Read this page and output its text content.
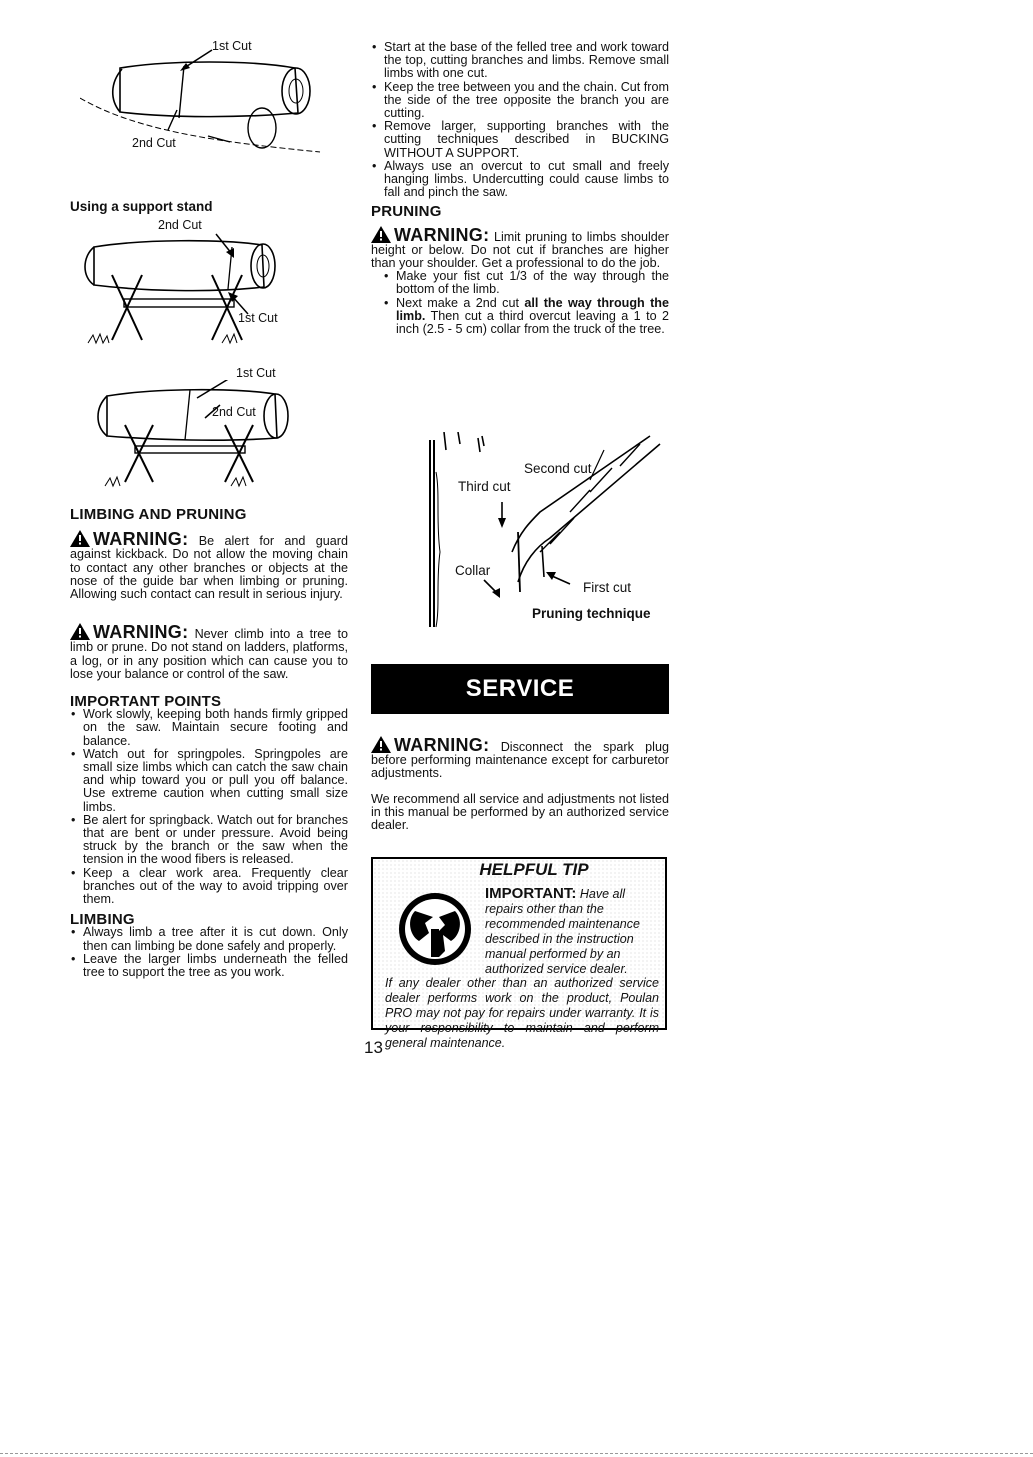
1st Cut
2nd Cut
Using a support stand
2nd Cut
1st Cut
1st Cut
2nd Cut

LIMBING AND PRUNING

WARNING: Be alert for and guard against kickback. Do not allow the moving chain to contact any other branches or objects at the nose of the guide bar when limbing or pruning. Allowing such contact can result in serious injury.

WARNING: Never climb into a tree to limb or prune. Do not stand on ladders, platforms, a log, or in any position which can cause you to lose your balance or control of the saw.

IMPORTANT POINTS

• Work slowly, keeping both hands firmly gripped on the saw. Maintain secure footing and balance.
• Watch out for springpoles. Springpoles are small size limbs which can catch the saw chain and whip toward you or pull you off balance. Use extreme caution when cutting small size limbs.
• Be alert for springback. Watch out for branches that are bent or under pressure. Avoid being struck by the branch or the saw when the tension in the wood fibers is released.
• Keep a clear work area. Frequently clear branches out of the way to avoid tripping over them.

LIMBING

• Always limb a tree after it is cut down. Only then can limbing be done safely and properly.
• Leave the larger limbs underneath the felled tree to support the tree as you work.
• Start at the base of the felled tree and work toward the top, cutting branches and limbs. Remove small limbs with one cut.
• Keep the tree between you and the chain. Cut from the side of the tree opposite the branch you are cutting.
• Remove larger, supporting branches with the cutting techniques described in BUCKING WITHOUT A SUPPORT.
• Always use an overcut to cut small and freely hanging limbs. Undercutting could cause limbs to fall and pinch the saw.

PRUNING

WARNING: Limit pruning to limbs shoulder height or below. Do not cut if branches are higher than your shoulder. Get a professional to do the job.

• Make your fist cut 1/3 of the way through the bottom of the limb.
• Next make a 2nd cut all the way through the limb. Then cut a third overcut leaving a 1 to 2 inch (2.5 - 5 cm) collar from the truck of the tree.
Second cut
Third cut
Collar
First cut
Pruning technique
SERVICE

WARNING: Disconnect the spark plug before performing maintenance except for carburetor adjustments.

We recommend all service and adjustments not listed in this manual be performed by an authorized service dealer.

HELPFUL TIP
IMPORTANT: Have all repairs other than the recommended maintenance described in the instruction manual performed by an authorized service dealer.
If any dealer other than an authorized service dealer performs work on the product, Poulan PRO may not pay for repairs under warranty. It is your responsibility to maintain and perform general maintenance.
13
